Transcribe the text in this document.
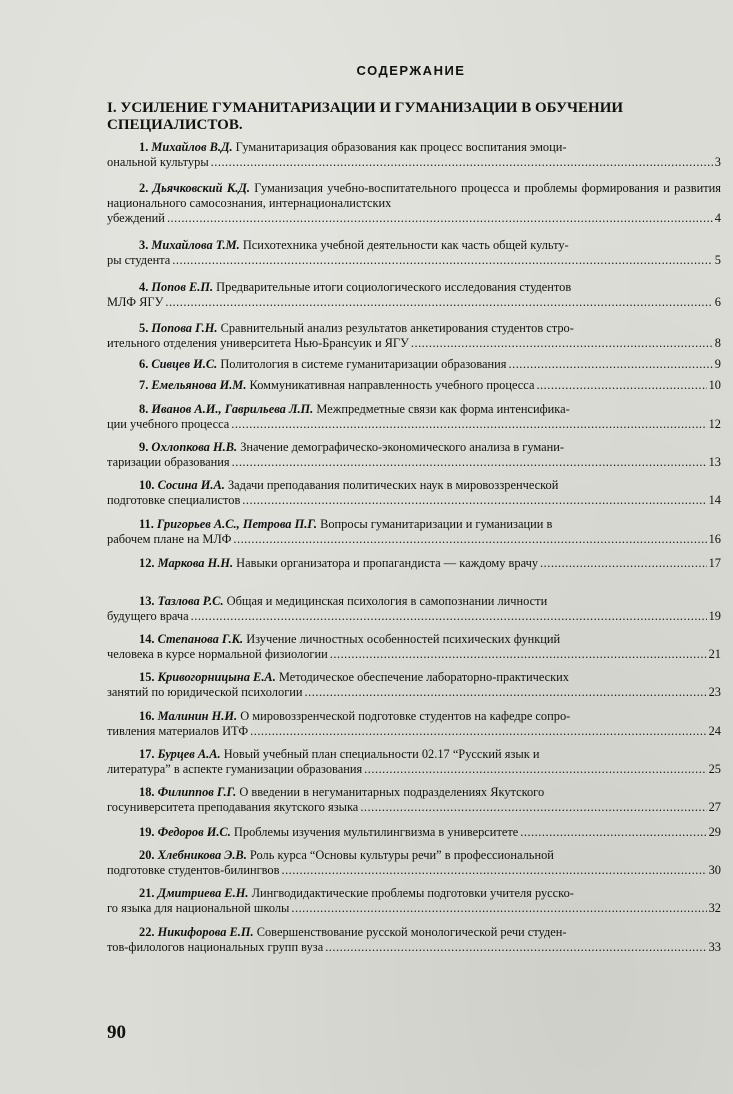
СОДЕРЖАНИЕ
I. УСИЛЕНИЕ ГУМАНИТАРИЗАЦИИ И ГУМАНИЗАЦИИ В ОБУЧЕНИИ СПЕЦИАЛИСТОВ.
1. Михайлов В.Д. Гуманитаризация образования как процесс воспитания эмоци-
ональной культуры .....	3
2. Дьячковский К.Д. Гуманизация учебно-воспитательного процесса и проблемы формирования и развития национального самосознания, интернационалистских
убеждений .....	4
3. Михайлова Т.М. Психотехника учебной деятельности как часть общей культу-
ры студента .....	5
4. Попов Е.П. Предварительные итоги социологического исследования студентов
МЛФ ЯГУ .....	6
5. Попова Г.Н. Сравнительный анализ результатов анкетирования студентов стро-
ительного отделения университета Нью-Брансуик и ЯГУ .....	8
6. Сивцев И.С. Политология в системе гуманитаризации образования .....	9
7. Емельянова И.М. Коммуникативная направленность учебного процесса .....	10
8. Иванов А.И., Гаврильева Л.П. Межпредметные связи как форма интенсифика-
ции учебного процесса .....	12
9. Охлопкова Н.В. Значение демографическо-экономического анализа в гумани-
таризации образования .....	13
10. Сосина И.А. Задачи преподавания политических наук в мировоззренческой
подготовке специалистов .....	14
11. Григорьев А.С., Петрова П.Г. Вопросы гуманитаризации и гуманизации в
рабочем плане на МЛФ .....	16
12. Маркова Н.Н. Навыки организатора и пропагандиста — каждому врачу .....	17
13. Тазлова Р.С. Общая и медицинская психология в самопознании личности
будущего врача .....	19
14. Степанова Г.К. Изучение личностных особенностей психических функций
человека в курсе нормальной физиологии .....	21
15. Кривогорницына Е.А. Методическое обеспечение лабораторно-практических
занятий по юридической психологии .....	23
16. Малинин Н.И. О мировоззренческой подготовке студентов на кафедре сопро-
тивления материалов ИТФ .....	24
17. Бурцев А.А. Новый учебный план специальности 02.17 “Русский язык и
литература” в аспекте гуманизации образования .....	25
18. Филиппов Г.Г. О введении в негуманитарных подразделениях Якутского
госуниверситета преподавания якутского языка .....	27
19. Федоров И.С. Проблемы изучения мультилингвизма в университете .....	29
20. Хлебникова Э.В. Роль курса “Основы культуры речи” в профессиональной
подготовке студентов-билингвов .....	30
21. Дмитриева Е.Н. Лингводидактические проблемы подготовки учителя русско-
го языка для национальной школы .....	32
22. Никифорова Е.П. Совершенствование русской монологической речи студен-
тов-филологов национальных групп вуза .....	33
90
